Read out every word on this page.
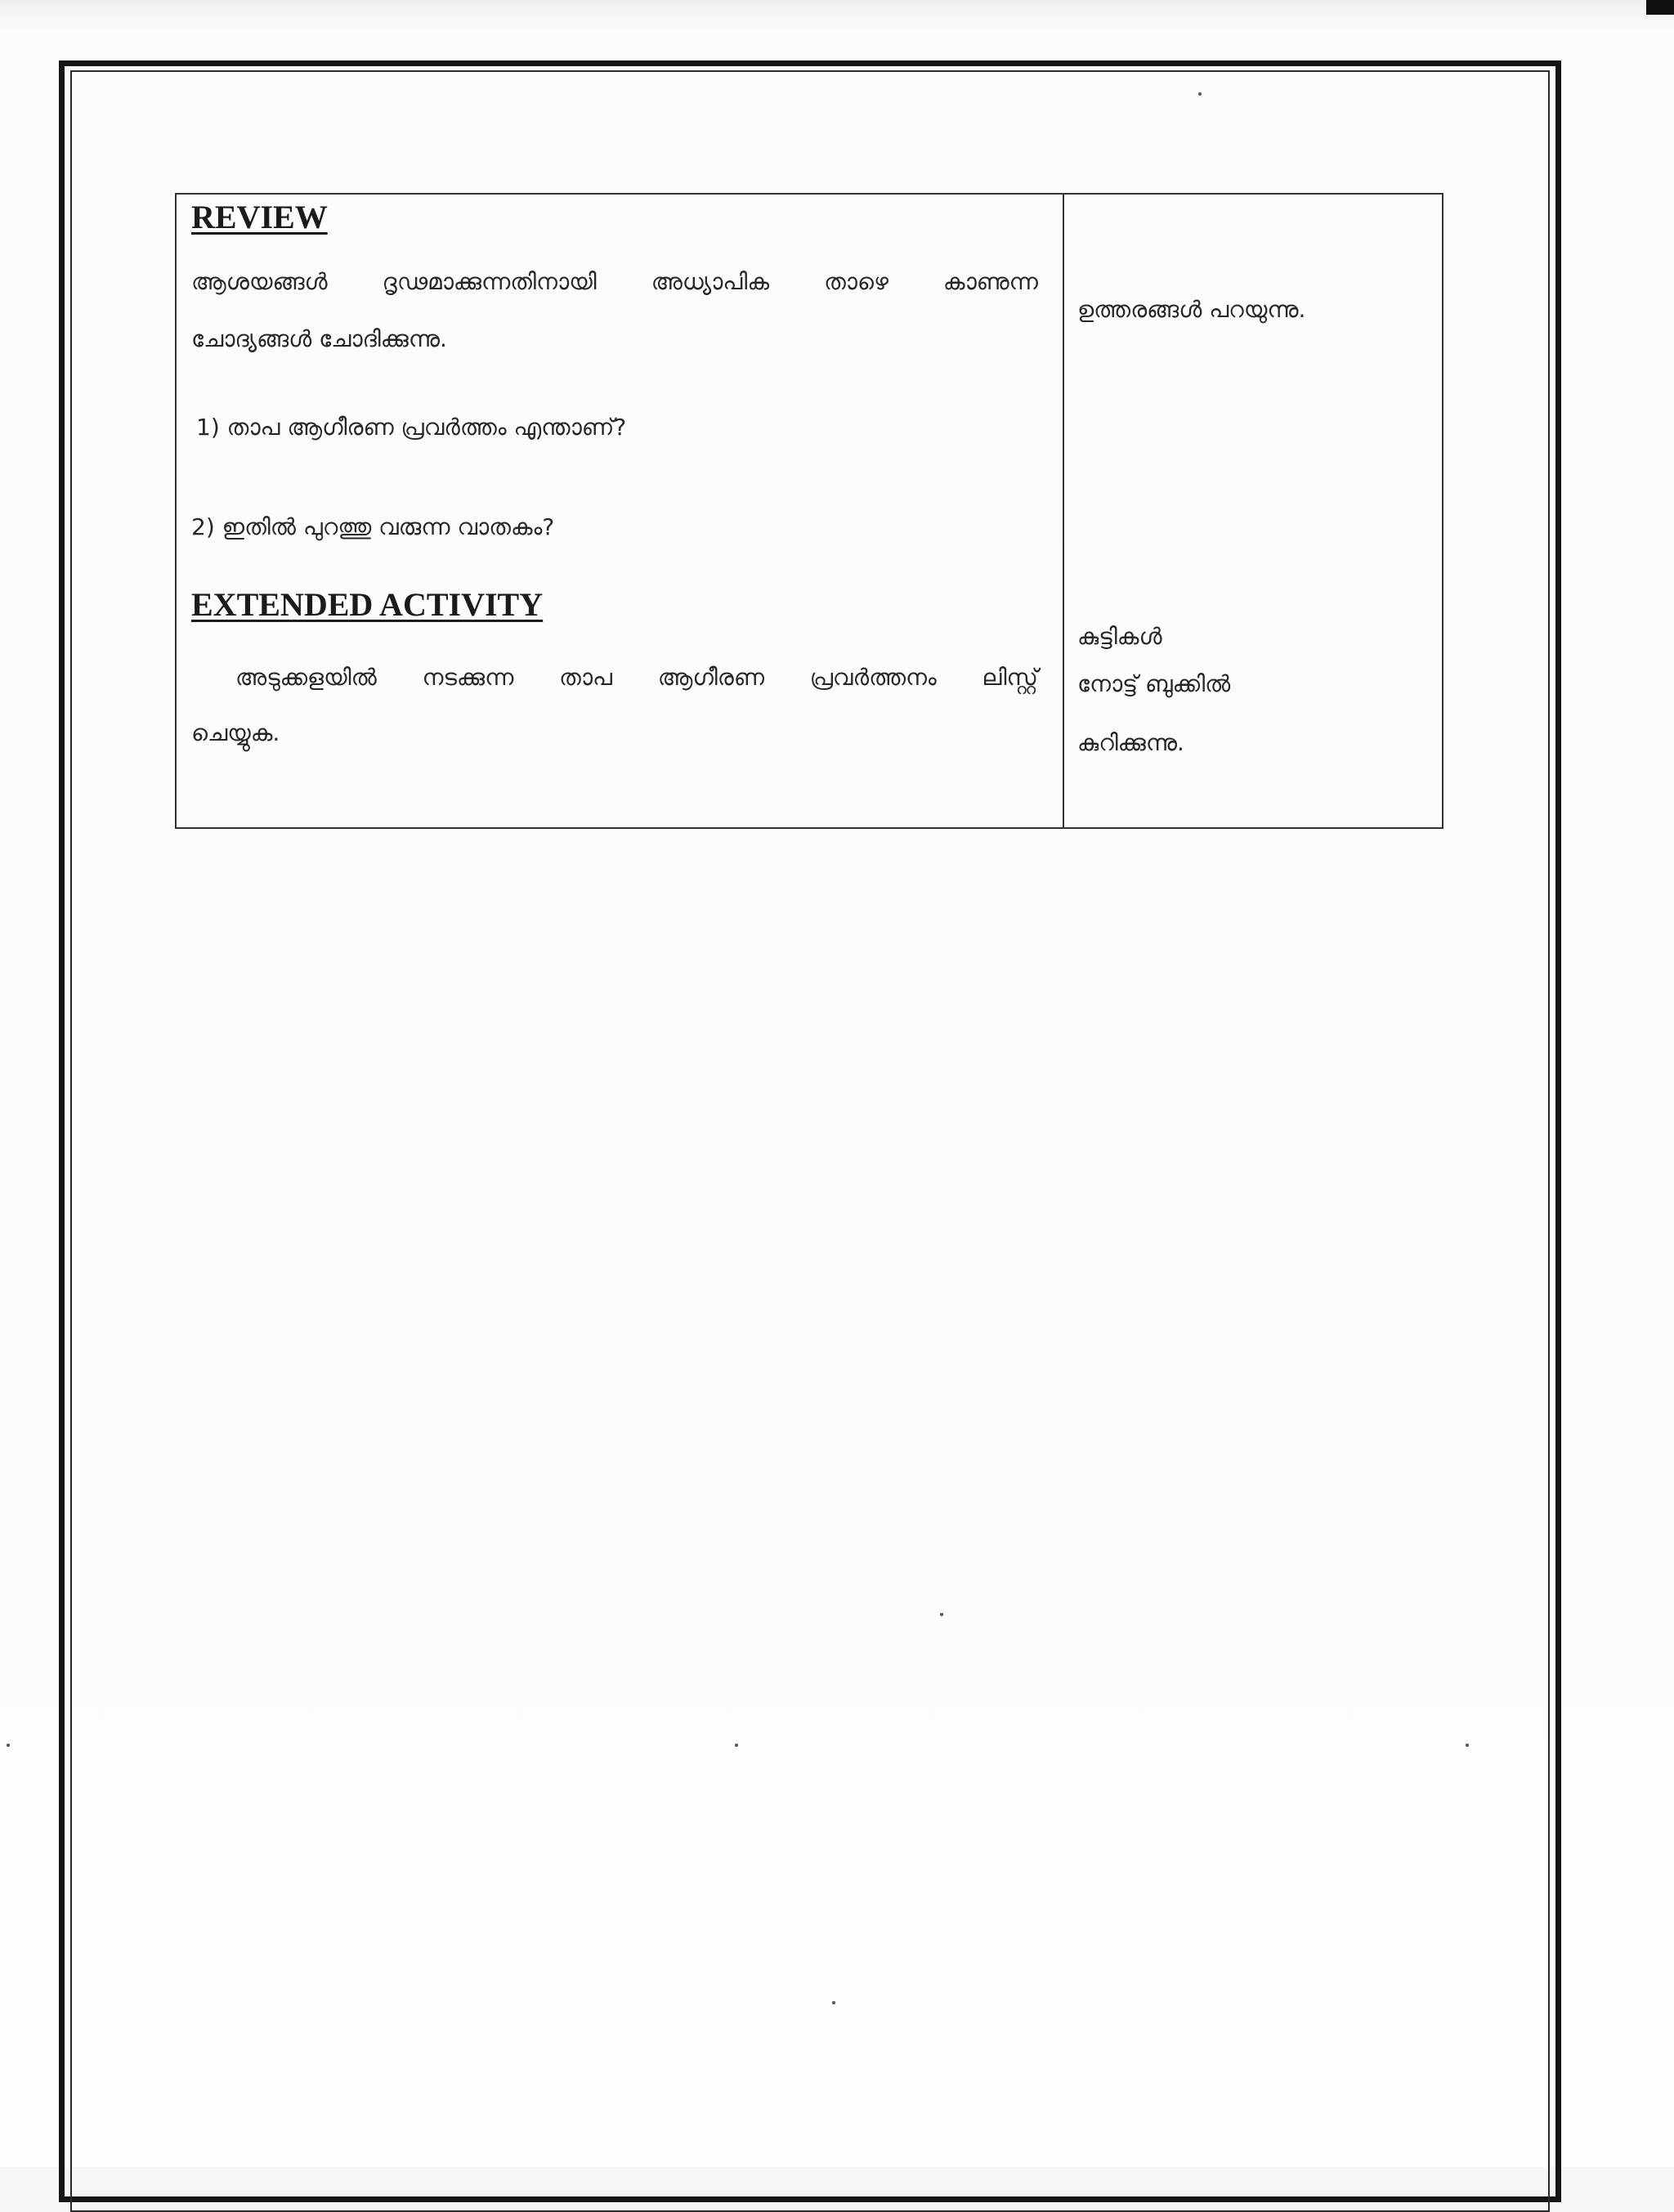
REVIEW
ആശയങ്ങൾ ദൃഢമാക്കുന്നതിനായി അധ്യാപിക താഴെ കാണുന്ന

ചോദ്യങ്ങൾ ചോദിക്കുന്നു.

1) താപ ആഗീരണ പ്രവർത്തം എന്താണ്?

2) ഇതിൽ പുറത്തു വരുന്ന വാതകം?

EXTENDED ACTIVITY
അടുക്കളയിൽ നടക്കുന്ന താപ ആഗീരണ പ്രവർത്തനം ലിസ്റ്റ്

ചെയ്യുക.

ഉത്തരങ്ങൾ പറയുന്നു.

കുട്ടികൾ

നോട്ട് ബുക്കിൽ

കുറിക്കുന്നു.
